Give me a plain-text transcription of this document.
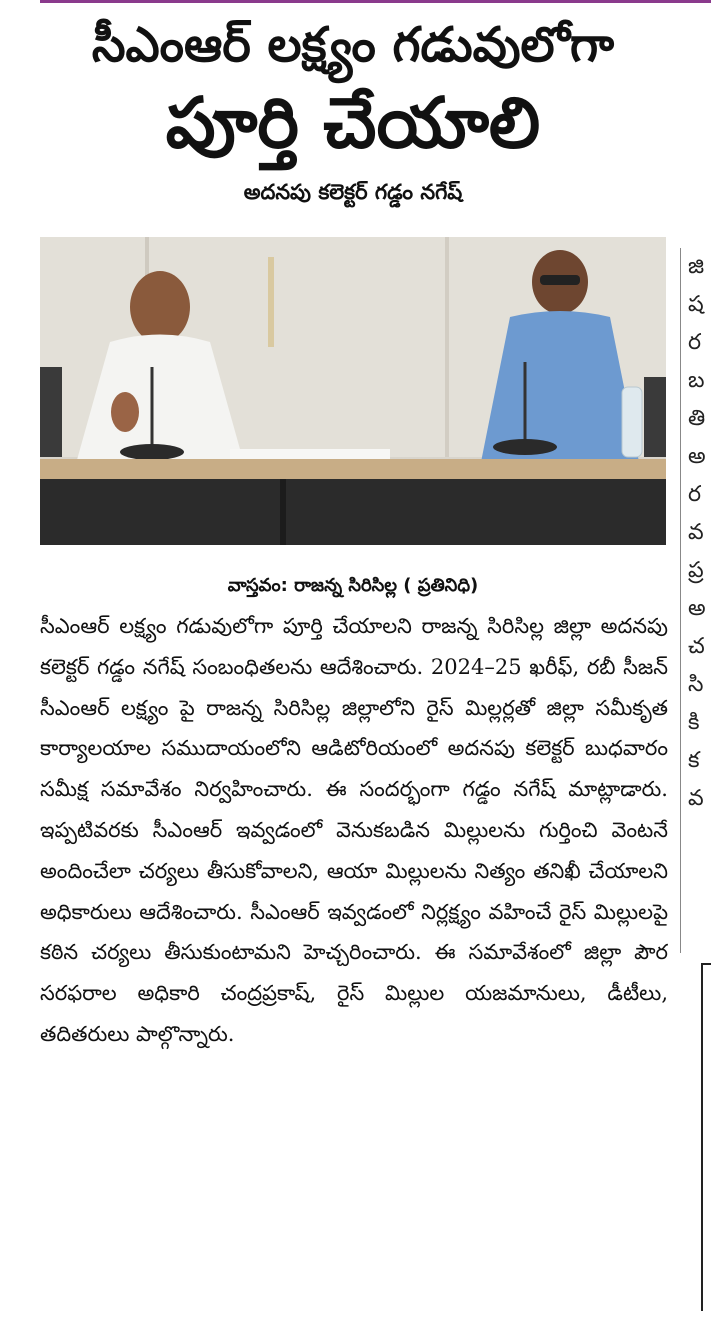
సీఎంఆర్ లక్ష్యం గడువులోగా
పూర్తి చేయాలి
అదనపు కలెక్టర్ గడ్డం నగేష్
వాస్తవం: రాజన్న సిరిసిల్ల ( ప్రతినిధి)
సీఎంఆర్ లక్ష్యం గడువులోగా పూర్తి చేయాలని రాజన్న సిరిసిల్ల జిల్లా అదనపు కలెక్టర్ గడ్డం నగేష్ సంబంధితలను ఆదేశించారు. 2024–25 ఖరీఫ్, రబీ సీజన్ సీఎంఆర్ లక్ష్యం పై రాజన్న సిరిసిల్ల జిల్లాలోని రైస్ మిల్లర్లతో జిల్లా సమీకృత కార్యాలయాల సముదాయంలోని ఆడిటోరియంలో అదనపు కలెక్టర్ బుధవారం సమీక్ష సమావేశం నిర్వహించారు. ఈ సందర్భంగా గడ్డం నగేష్ మాట్లాడారు. ఇప్పటివరకు సీఎంఆర్ ఇవ్వడంలో వెనుకబడిన మిల్లులను గుర్తించి వెంటనే అందించేలా చర్యలు తీసుకోవాలని, ఆయా మిల్లులను నిత్యం తనిఖీ చేయాలని అధికారులు ఆదేశించారు. సీఎంఆర్ ఇవ్వడంలో నిర్లక్ష్యం వహించే రైస్ మిల్లులపై కఠిన చర్యలు తీసుకుంటామని హెచ్చరించారు. ఈ సమావేశంలో జిల్లా పౌర సరఫరాల అధికారి చంద్రప్రకాష్, రైస్ మిల్లుల యజమానులు, డీటీలు, తదితరులు పాల్గొన్నారు.
జి
ష
ర
బ
తి
అ
ర
వ
ప్ర
అ
చ
సి
కి
క
వ
